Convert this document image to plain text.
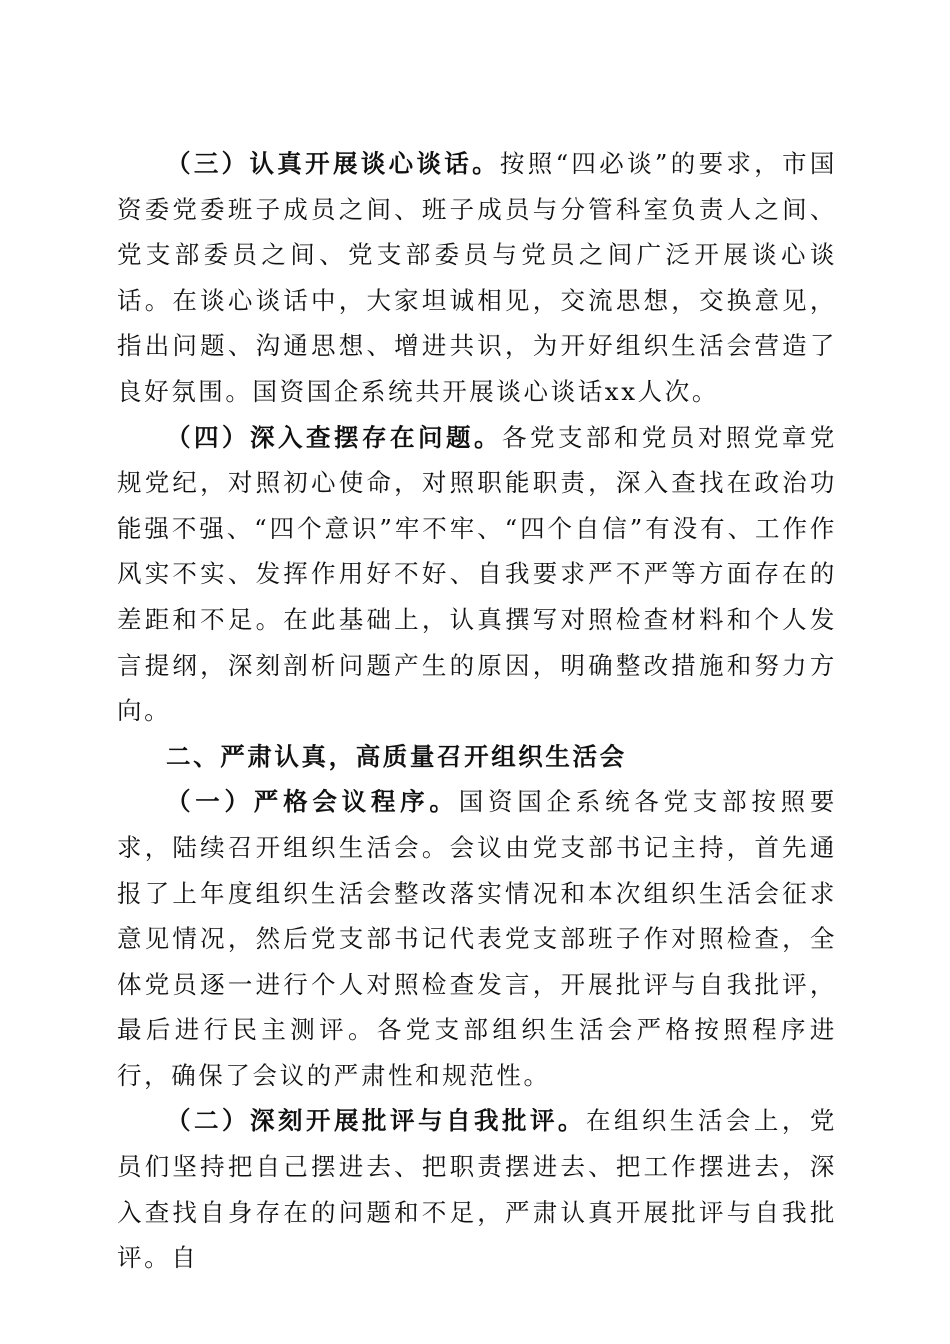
（三）认真开展谈心谈话。按照“四必谈”的要求，市国资委党委班子成员之间、班子成员与分管科室负责人之间、党支部委员之间、党支部委员与党员之间广泛开展谈心谈话。在谈心谈话中，大家坦诚相见，交流思想，交换意见，指出问题、沟通思想、增进共识，为开好组织生活会营造了良好氛围。国资国企系统共开展谈心谈话xx人次。

（四）深入查摆存在问题。各党支部和党员对照党章党规党纪，对照初心使命，对照职能职责，深入查找在政治功能强不强、“四个意识”牢不牢、“四个自信”有没有、工作作风实不实、发挥作用好不好、自我要求严不严等方面存在的差距和不足。在此基础上，认真撰写对照检查材料和个人发言提纲，深刻剖析问题产生的原因，明确整改措施和努力方向。

二、严肃认真，高质量召开组织生活会

（一）严格会议程序。国资国企系统各党支部按照要求，陆续召开组织生活会。会议由党支部书记主持，首先通报了上年度组织生活会整改落实情况和本次组织生活会征求意见情况，然后党支部书记代表党支部班子作对照检查，全体党员逐一进行个人对照检查发言，开展批评与自我批评，最后进行民主测评。各党支部组织生活会严格按照程序进行，确保了会议的严肃性和规范性。

（二）深刻开展批评与自我批评。在组织生活会上，党员们坚持把自己摆进去、把职责摆进去、把工作摆进去，深入查找自身存在的问题和不足，严肃认真开展批评与自我批评。自
